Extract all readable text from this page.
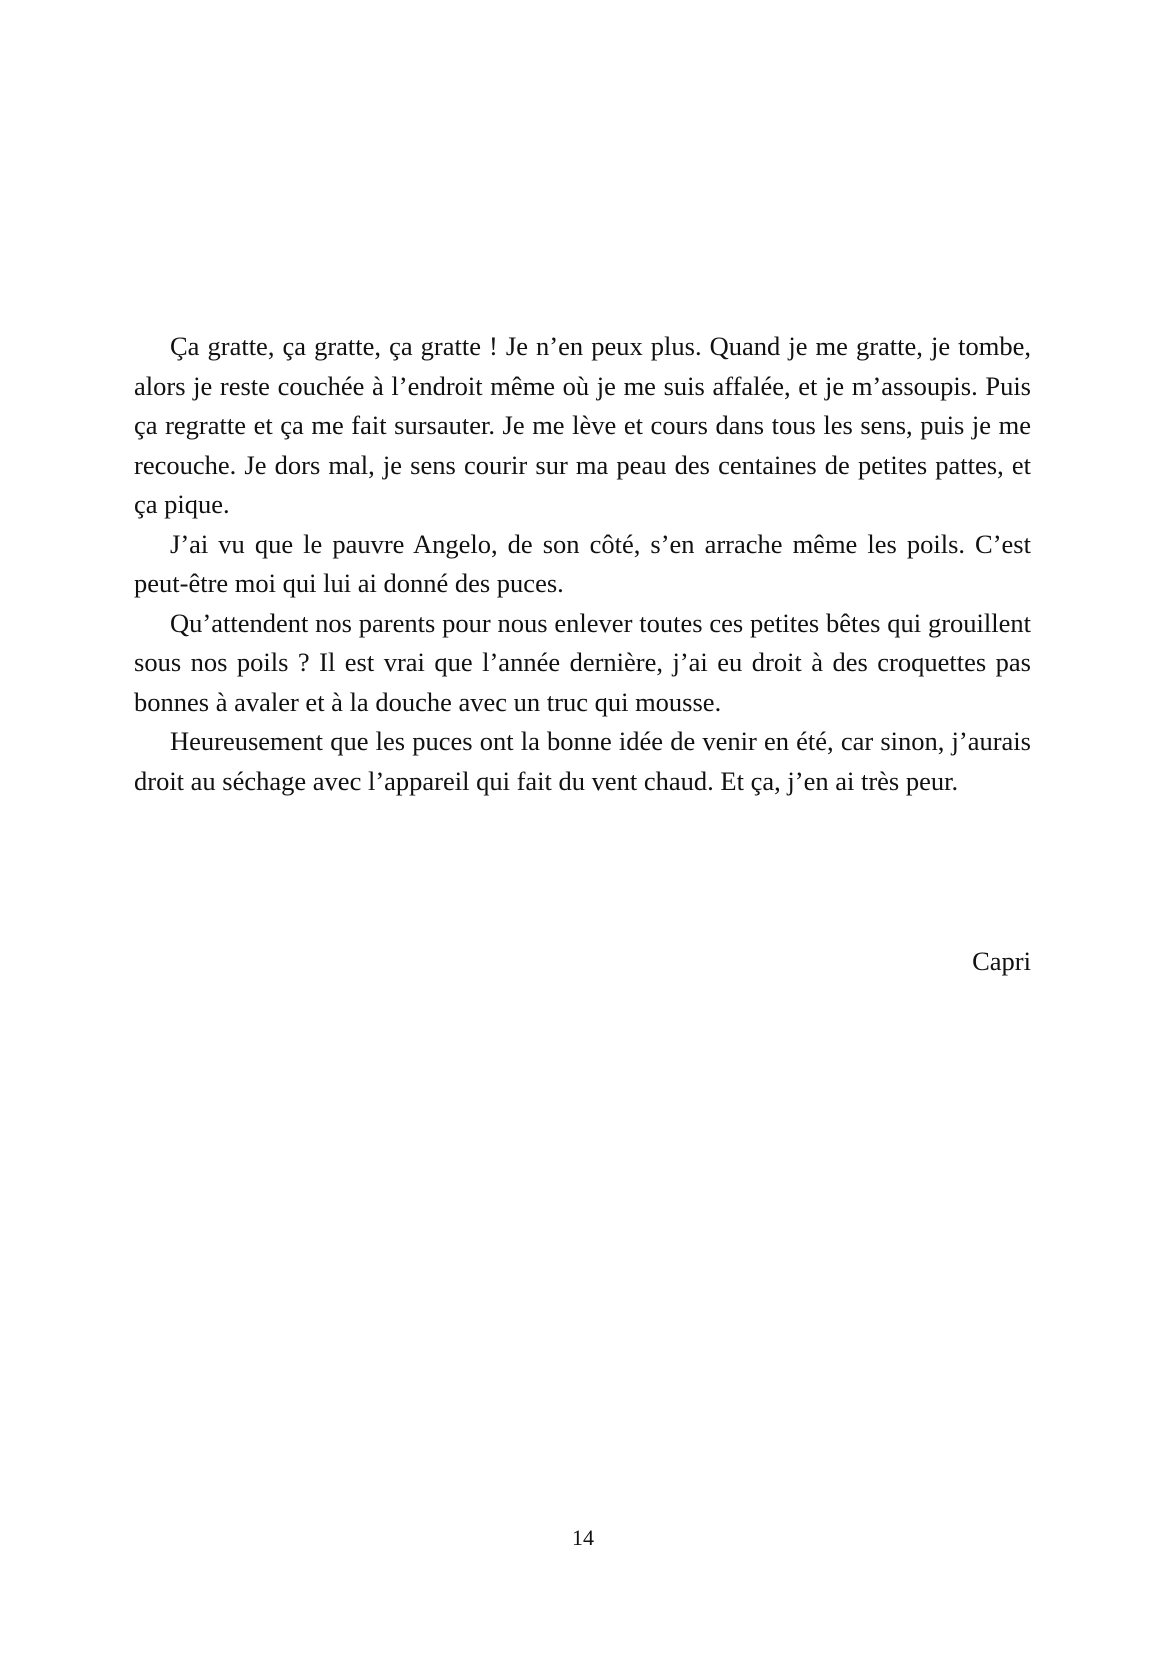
Ça gratte, ça gratte, ça gratte ! Je n’en peux plus. Quand je me gratte, je tombe, alors je reste couchée à l’endroit même où je me suis affalée, et je m’assoupis. Puis ça regratte et ça me fait sursauter. Je me lève et cours dans tous les sens, puis je me recouche. Je dors mal, je sens courir sur ma peau des centaines de petites pattes, et ça pique.

J’ai vu que le pauvre Angelo, de son côté, s’en arrache même les poils. C’est peut-être moi qui lui ai donné des puces.

Qu’attendent nos parents pour nous enlever toutes ces petites bêtes qui grouillent sous nos poils ? Il est vrai que l’année dernière, j’ai eu droit à des croquettes pas bonnes à avaler et à la douche avec un truc qui mousse.

Heureusement que les puces ont la bonne idée de venir en été, car sinon, j’aurais droit au séchage avec l’appareil qui fait du vent chaud. Et ça, j’en ai très peur.

Capri
14
